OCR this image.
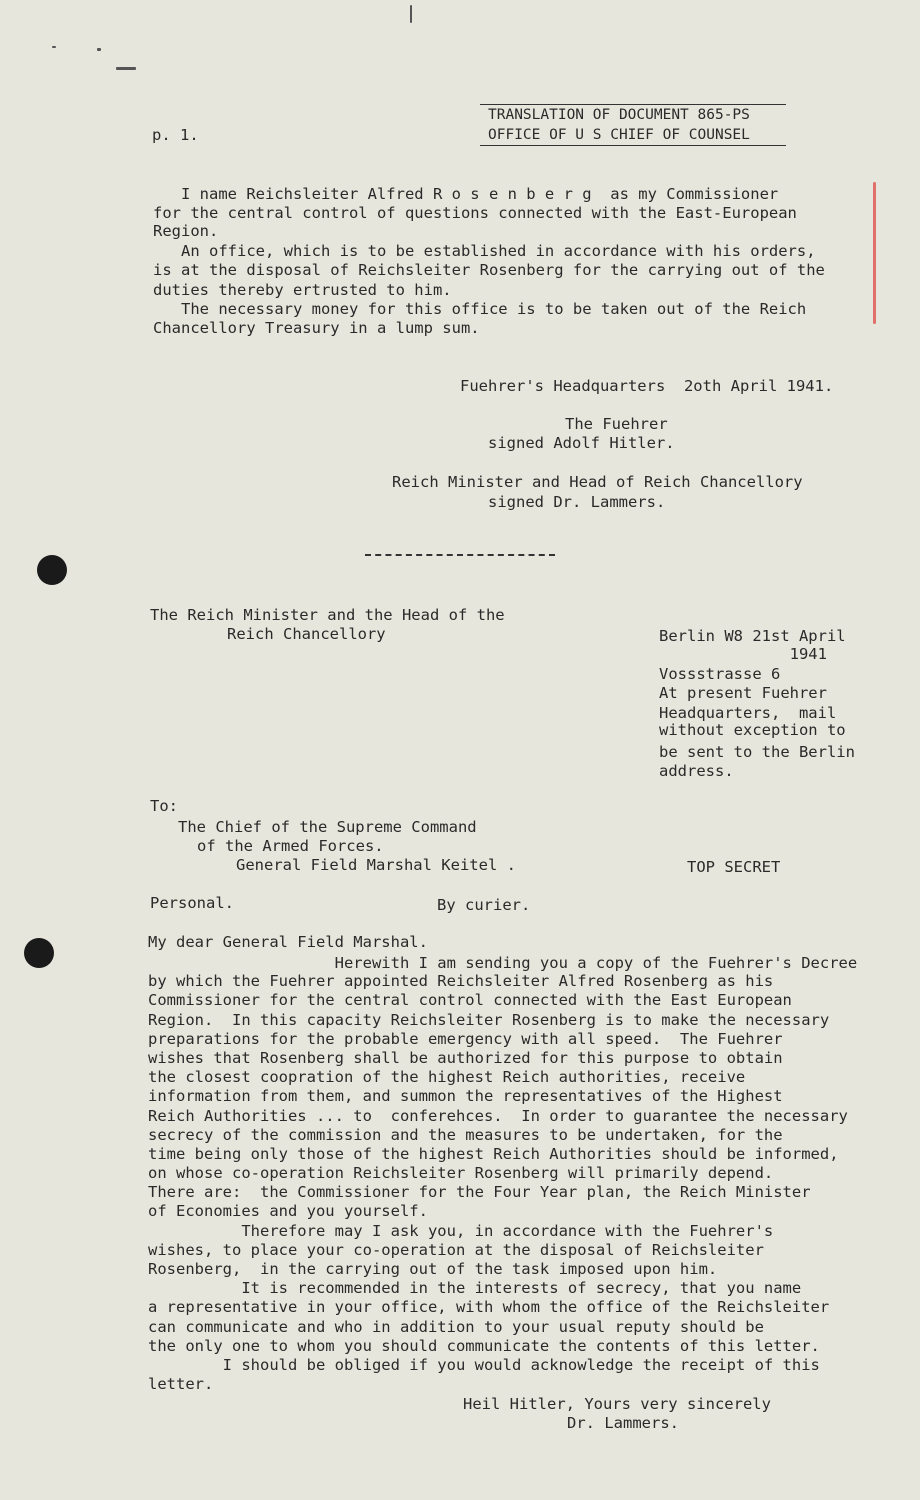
p. 1.
TRANSLATION OF DOCUMENT 865-PS
OFFICE OF U S CHIEF OF COUNSEL
I name Reichsleiter Alfred R o s e n b e r g  as my Commissioner
for the central control of questions connected with the East-European
Region.
An office, which is to be established in accordance with his orders,
is at the disposal of Reichsleiter Rosenberg for the carrying out of the
duties thereby ertrusted to him.
The necessary money for this office is to be taken out of the Reich
Chancellory Treasury in a lump sum.
Fuehrer's Headquarters  2oth April 1941.
The Fuehrer
signed Adolf Hitler.
Reich Minister and Head of Reich Chancellory
signed Dr. Lammers.
The Reich Minister and the Head of the
Reich Chancellory	Berlin W8 21st April
1941
Vossstrasse 6
At present Fuehrer
Headquarters,  mail
without exception to
be sent to the Berlin
address.
To:
The Chief of the Supreme Command
of the Armed Forces.
General Field Marshal Keitel .	TOP SECRET
Personal.	By curier.
My dear General Field Marshal.
Herewith I am sending you a copy of the Fuehrer's Decree
by which the Fuehrer appointed Reichsleiter Alfred Rosenberg as his
Commissioner for the central control connected with the East European
Region.  In this capacity Reichsleiter Rosenberg is to make the necessary
preparations for the probable emergency with all speed.  The Fuehrer
wishes that Rosenberg shall be authorized for this purpose to obtain
the closest coopration of the highest Reich authorities, receive
information from them, and summon the representatives of the Highest
Reich Authorities ... to  conferehces.  In order to guarantee the necessary
secrecy of the commission and the measures to be undertaken, for the
time being only those of the highest Reich Authorities should be informed,
on whose co-operation Reichsleiter Rosenberg will primarily depend.
There are:  the Commissioner for the Four Year plan, the Reich Minister
of Economies and you yourself.
Therefore may I ask you, in accordance with the Fuehrer's
wishes, to place your co-operation at the disposal of Reichsleiter
Rosenberg,  in the carrying out of the task imposed upon him.
It is recommended in the interests of secrecy, that you name
a representative in your office, with whom the office of the Reichsleiter
can communicate and who in addition to your usual reputy should be
the only one to whom you should communicate the contents of this letter.
I should be obliged if you would acknowledge the receipt of this
letter.
Heil Hitler, Yours very sincerely
Dr. Lammers.
